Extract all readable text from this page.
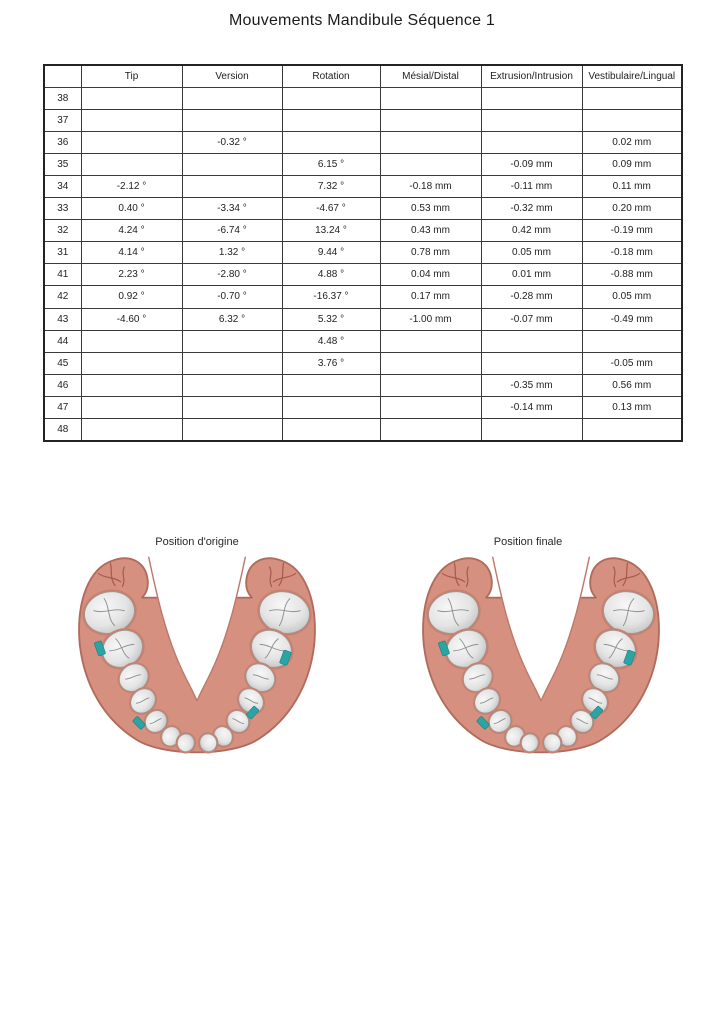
Mouvements Mandibule Séquence 1
	Tip	Version	Rotation	Mésial/Distal	Extrusion/Intrusion	Vestibulaire/Lingual
38						
37						
36		-0.32 °				0.02 mm
35			6.15 °		-0.09 mm	0.09 mm
34	-2.12 °		7.32 °	-0.18 mm	-0.11 mm	0.11 mm
33	0.40 °	-3.34 °	-4.67 °	0.53 mm	-0.32 mm	0.20 mm
32	4.24 °	-6.74 °	13.24 °	0.43 mm	0.42 mm	-0.19 mm
31	4.14 °	1.32 °	9.44 °	0.78 mm	0.05 mm	-0.18 mm
41	2.23 °	-2.80 °	4.88 °	0.04 mm	0.01 mm	-0.88 mm
42	0.92 °	-0.70 °	-16.37 °	0.17 mm	-0.28 mm	0.05 mm
43	-4.60 °	6.32 °	5.32 °	-1.00 mm	-0.07 mm	-0.49 mm
44			4.48 °			
45			3.76 °			-0.05 mm
46					-0.35 mm	0.56 mm
47					-0.14 mm	0.13 mm
48						
Position d'origine	Position finale
